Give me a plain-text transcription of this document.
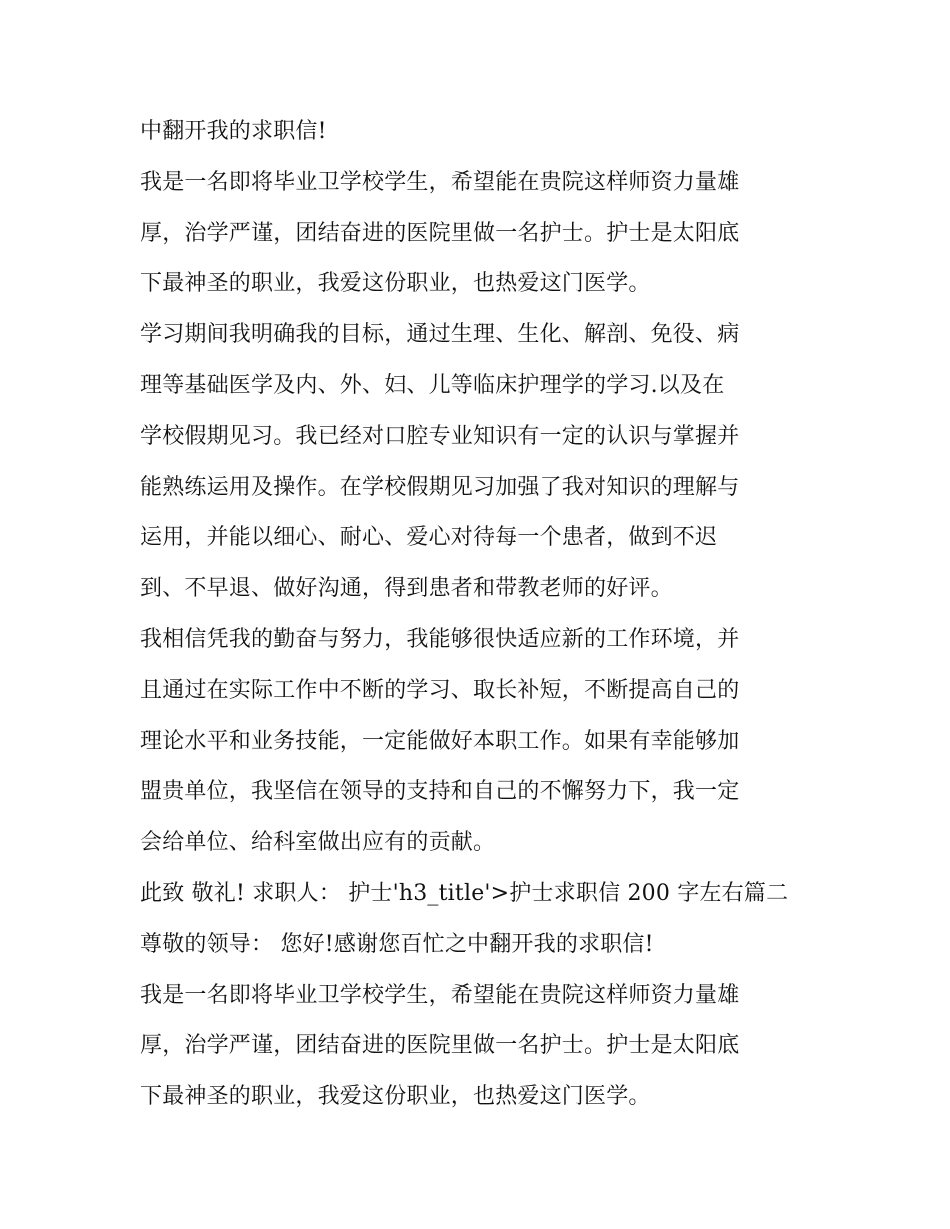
中翻开我的求职信!
我是一名即将毕业卫学校学生，希望能在贵院这样师资力量雄
厚，治学严谨，团结奋进的医院里做一名护士。护士是太阳底
下最神圣的职业，我爱这份职业，也热爱这门医学。
学习期间我明确我的目标，通过生理、生化、解剖、免役、病
理等基础医学及内、外、妇、儿等临床护理学的学习.以及在
学校假期见习。我已经对口腔专业知识有一定的认识与掌握并
能熟练运用及操作。在学校假期见习加强了我对知识的理解与
运用，并能以细心、耐心、爱心对待每一个患者，做到不迟
到、不早退、做好沟通，得到患者和带教老师的好评。
我相信凭我的勤奋与努力，我能够很快适应新的工作环境，并
且通过在实际工作中不断的学习、取长补短，不断提高自己的
理论水平和业务技能，一定能做好本职工作。如果有幸能够加
盟贵单位，我坚信在领导的支持和自己的不懈努力下，我一定
会给单位、给科室做出应有的贡献。
此致 敬礼! 求职人： 护士'h3_title'>护士求职信 200 字左右篇二
尊敬的领导： 您好!感谢您百忙之中翻开我的求职信!
我是一名即将毕业卫学校学生，希望能在贵院这样师资力量雄
厚，治学严谨，团结奋进的医院里做一名护士。护士是太阳底
下最神圣的职业，我爱这份职业，也热爱这门医学。
